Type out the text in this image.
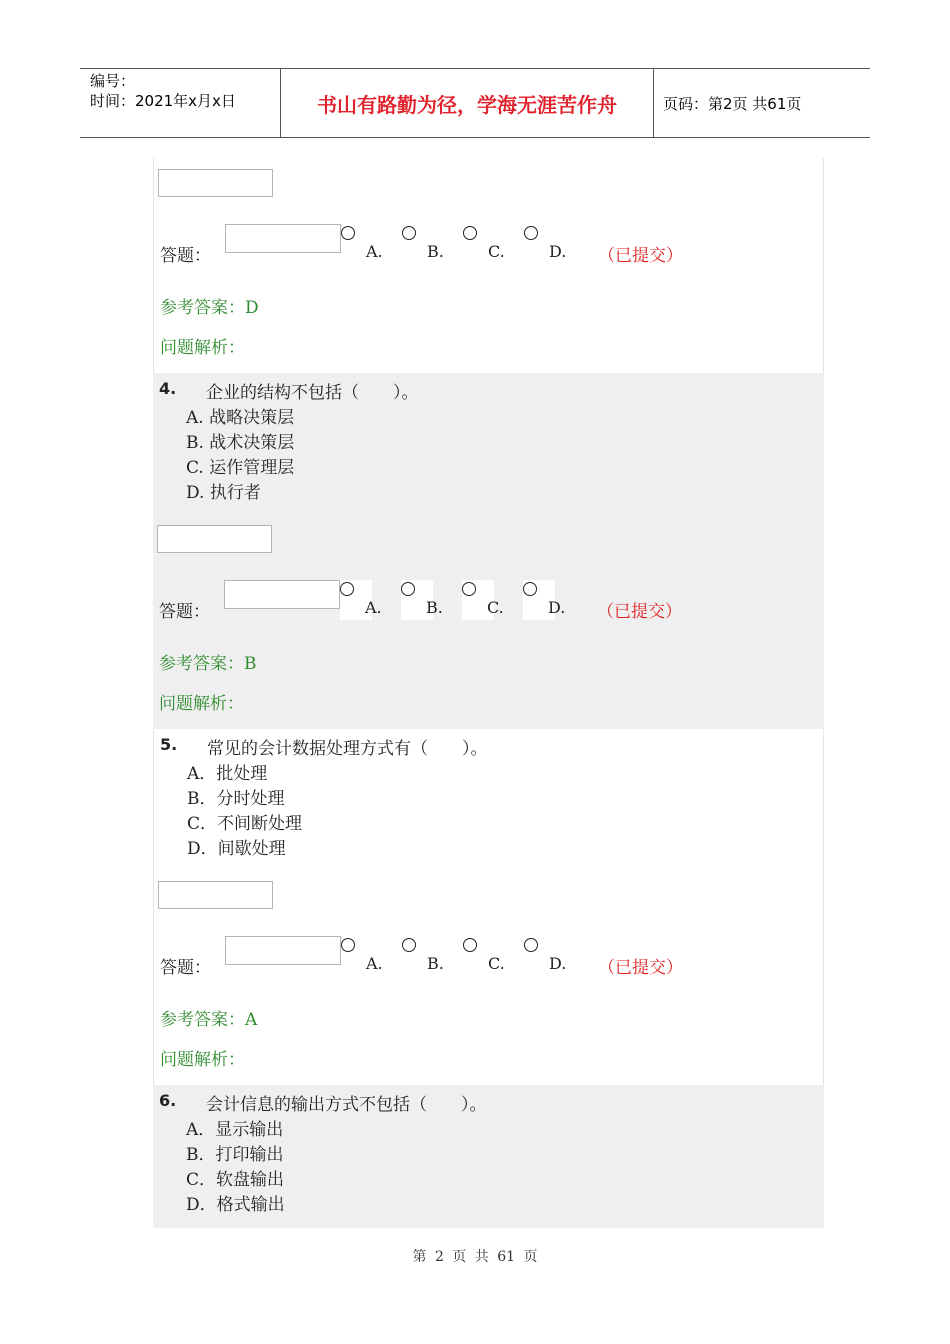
编号：
时间：2021年x月x日	书山有路勤为径，学海无涯苦作舟	页码：第2页 共61页
答题：	A.	B.	C.	D. （已提交）
参考答案：D
问题解析：
4. 企业的结构不包括（　　）。
A. 战略决策层
B. 战术决策层
C. 运作管理层
D. 执行者
答题：	A.	B.	C.	D. （已提交）
参考答案：B
问题解析：
5. 常见的会计数据处理方式有（　　）。
A．批处理
B．分时处理
C．不间断处理
D．间歇处理
答题：	A.	B.	C.	D. （已提交）
参考答案：A
问题解析：
6. 会计信息的输出方式不包括（　　）。
A．显示输出
B．打印输出
C．软盘输出
D．格式输出
第 2 页 共 61 页
